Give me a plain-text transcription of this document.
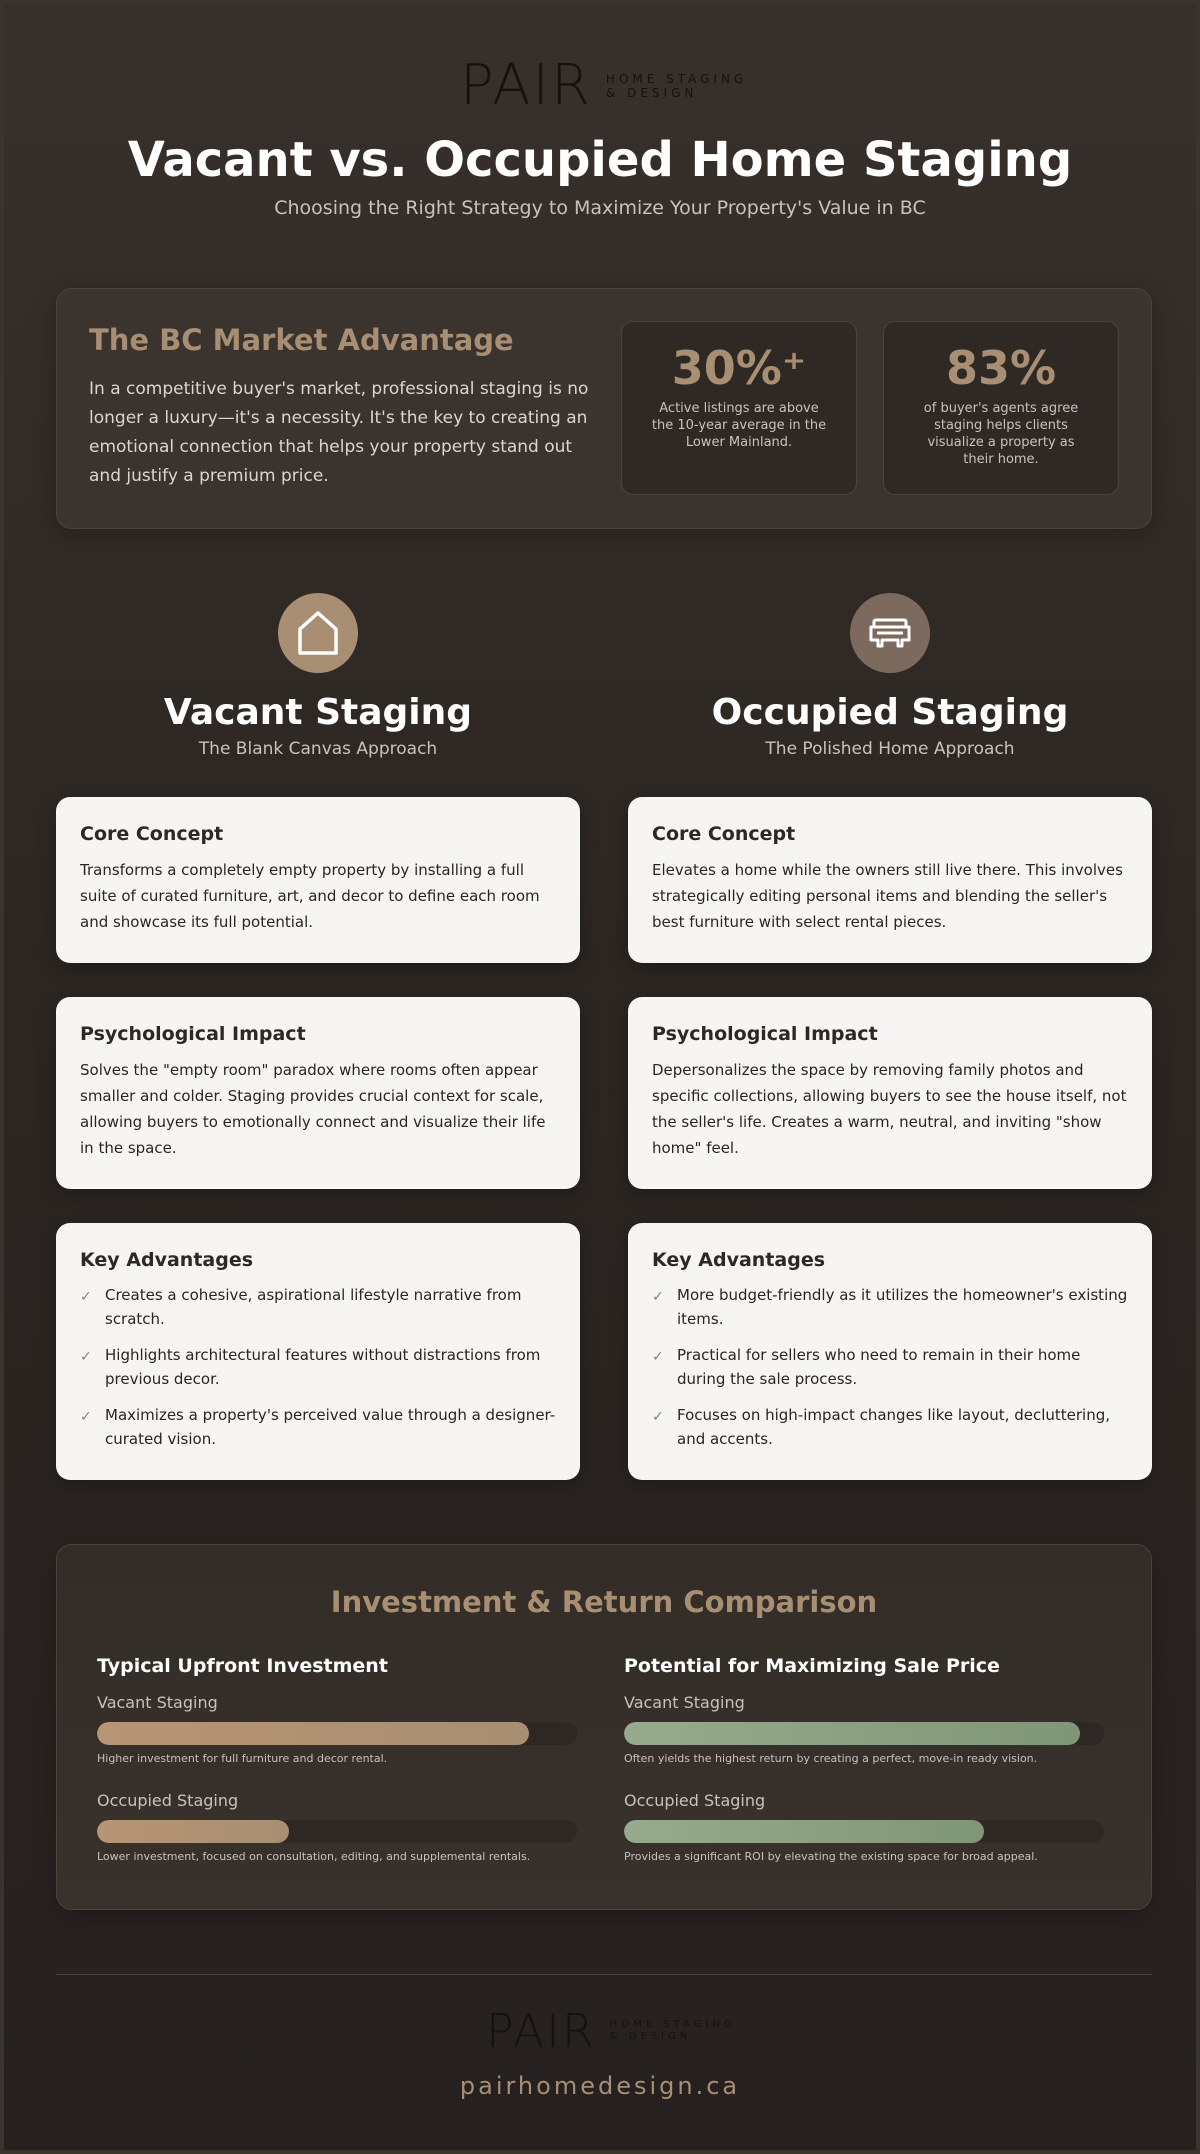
PAIR HOME STAGING
& DESIGN
Vacant vs. Occupied Home Staging
Choosing the Right Strategy to Maximize Your Property's Value in BC
The BC Market Advantage

In a competitive buyer's market, professional staging is no longer a luxury—it's a necessity. It's the key to creating an emotional connection that helps your property stand out and justify a premium price.

30%⁺
Active listings are above the 10-year average in the Lower Mainland.
83%
of buyer's agents agree staging helps clients visualize a property as their home.
Vacant Staging
The Blank Canvas Approach
Occupied Staging
The Polished Home Approach
Core Concept

Transforms a completely empty property by installing a full suite of curated furniture, art, and decor to define each room and showcase its full potential.

Psychological Impact

Solves the "empty room" paradox where rooms often appear smaller and colder. Staging provides crucial context for scale, allowing buyers to emotionally connect and visualize their life in the space.

Key Advantages
✓ Creates a cohesive, aspirational lifestyle narrative from scratch.
✓ Highlights architectural features without distractions from previous decor.
✓ Maximizes a property's perceived value through a designer-curated vision.
Core Concept

Elevates a home while the owners still live there. This involves strategically editing personal items and blending the seller's best furniture with select rental pieces.

Psychological Impact

Depersonalizes the space by removing family photos and specific collections, allowing buyers to see the house itself, not the seller's life. Creates a warm, neutral, and inviting "show home" feel.

Key Advantages
✓ More budget-friendly as it utilizes the homeowner's existing items.
✓ Practical for sellers who need to remain in their home during the sale process.
✓ Focuses on high-impact changes like layout, decluttering, and accents.
Investment & Return Comparison
Typical Upfront Investment
Vacant Staging
Higher investment for full furniture and decor rental.
Occupied Staging
Lower investment, focused on consultation, editing, and supplemental rentals.
Potential for Maximizing Sale Price
Vacant Staging
Often yields the highest return by creating a perfect, move-in ready vision.
Occupied Staging
Provides a significant ROI by elevating the existing space for broad appeal.
PAIR HOME STAGING
& DESIGN
pairhomedesign.ca
